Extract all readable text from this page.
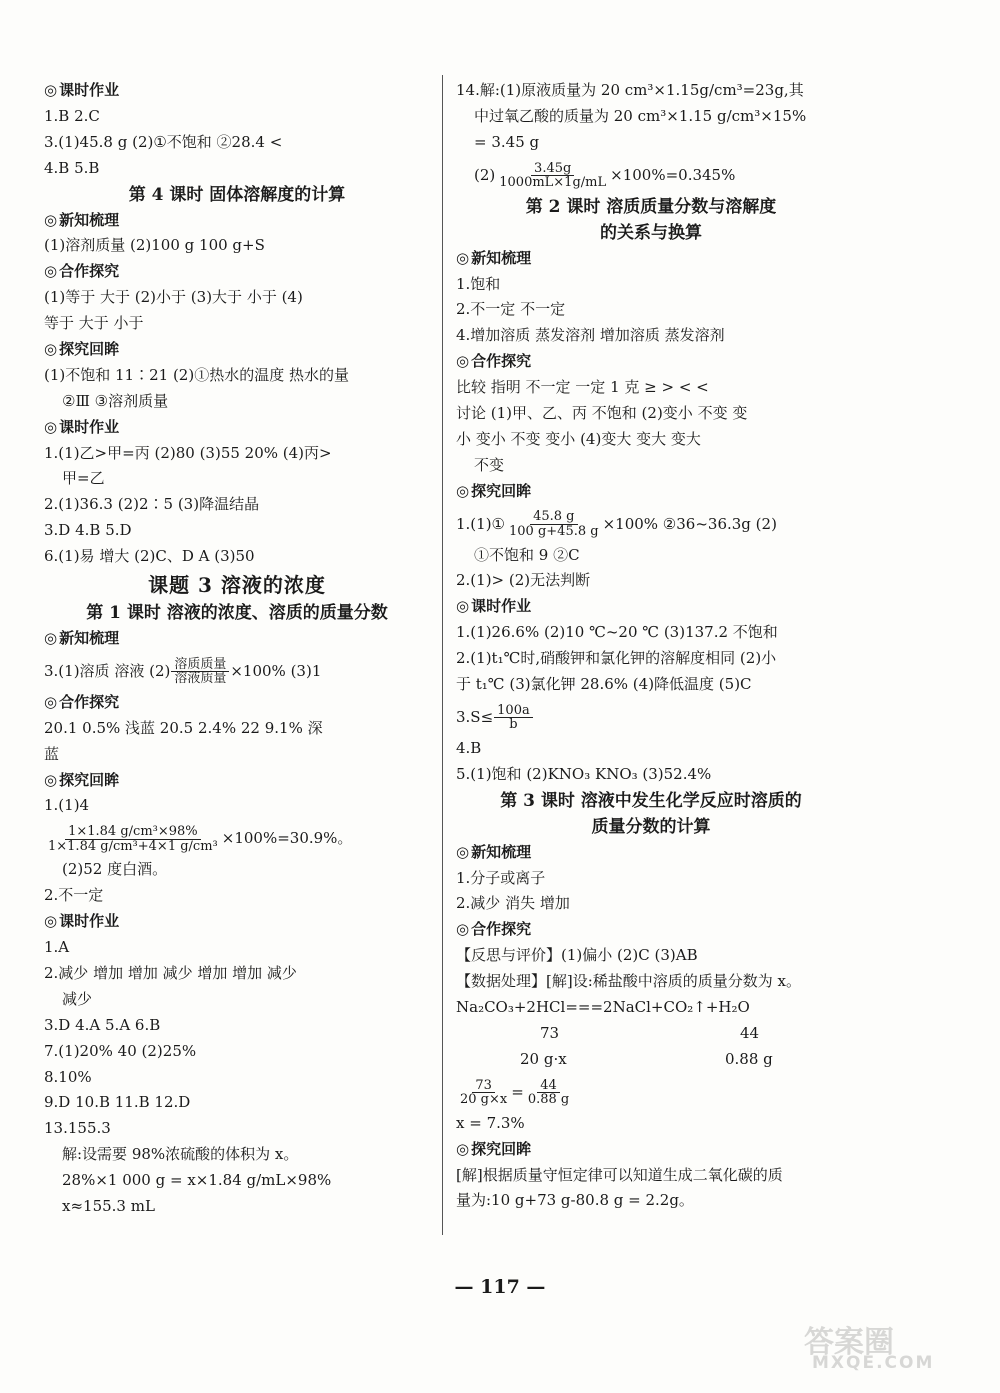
◎ 课时作业
1.B 2.C
3.(1)45.8 g (2)①不饱和 ②28.4 <
4.B 5.B
第 4 课时 固体溶解度的计算
◎ 新知梳理
(1)溶剂质量 (2)100 g 100 g+S
◎ 合作探究
(1)等于 大于 (2)小于 (3)大于 小于 (4)
等于 大于 小于
◎ 探究回眸
(1)不饱和 11∶21 (2)①热水的温度 热水的量
②Ⅲ ③溶剂质量
◎ 课时作业
1.(1)乙>甲=丙 (2)80 (3)55 20% (4)丙>
甲=乙
2.(1)36.3 (2)2∶5 (3)降温结晶
3.D 4.B 5.D
6.(1)易 增大 (2)C、D A (3)50
课题 3 溶液的浓度
第 1 课时 溶液的浓度、溶质的质量分数
◎ 新知梳理
3.(1)溶质 溶液 $(2) \frac{\text{溶质质量}}{\text{溶液质量}} \times 100\%$ (3)1
◎ 合作探究
20.1 0.5% 浅蓝 20.5 2.4% 22 9.1% 深
蓝
◎ 探究回眸
1.(1)4
$\frac{\text{1×1.84 g/cm³×98\%}}{\text{1×1.84 g/cm³+4×1 g/cm³}} \times 100\%=30.9\%$。
(2)52 度白酒。
2.不一定
◎ 课时作业
1.A
2.减少 增加 增加 减少 增加 增加 减少
减少
3.D 4.A 5.A 6.B
7.(1)20% 40 (2)25%
8.10%
9.D 10.B 11.B 12.D
13.155.3
解:设需要 98%浓硫酸的体积为 x。
28%×1 000 g = x×1.84 g/mL×98%
x≈155.3 mL
14.解:(1)原液质量为 20 cm³×1.15g/cm³=23g,其
中过氧乙酸的质量为 20 cm³×1.15 g/cm³×15%
= 3.45 g
$(2) \frac{3.45g}{1000mL\times 1g/mL} \times 100\%=0.345\%$
第 2 课时 溶质质量分数与溶解度
的关系与换算
◎ 新知梳理
1.饱和
2.不一定 不一定
4.增加溶质 蒸发溶剂 增加溶质 蒸发溶剂
◎ 合作探究
比较 指明 不一定 一定 1 克 ≥ > < <
讨论 (1)甲、乙、丙 不饱和 (2)变小 不变 变
小 变小 不变 变小 (4)变大 变大 变大
不变
◎ 探究回眸
1.(1)① $\frac{45.8 g}{100 g+45.8 g} \times 100\%$ ②36~36.3g (2)
①不饱和 9 ②C
2.(1)> (2)无法判断
◎ 课时作业
1.(1)26.6% (2)10 ℃~20 ℃ (3)137.2 不饱和
2.(1)t₁℃时,硝酸钾和氯化钾的溶解度相同 (2)小
于 t₁℃ (3)氯化钾 28.6% (4)降低温度 (5)C
$3.S\le \frac{100a}{b}$
4.B
5.(1)饱和 (2)KNO₃ KNO₃ (3)52.4%
第 3 课时 溶液中发生化学反应时溶质的
质量分数的计算
◎ 新知梳理
1.分子或离子
2.减少 消失 增加
◎ 合作探究
【反思与评价】(1)偏小 (2)C (3)AB
【数据处理】[解]设:稀盐酸中溶质的质量分数为 x。
Na₂CO₃+2HCl===2NaCl+CO₂↑+H₂O
73	44
20 g·x	0.88 g
$\frac{73}{20 g\times x} = \frac{44}{0.88 g}$
x = 7.3%
◎ 探究回眸
[解]根据质量守恒定律可以知道生成二氧化碳的质
量为:10 g+73 g-80.8 g = 2.2g。
— 117 —
答案圈
MXQE.COM
